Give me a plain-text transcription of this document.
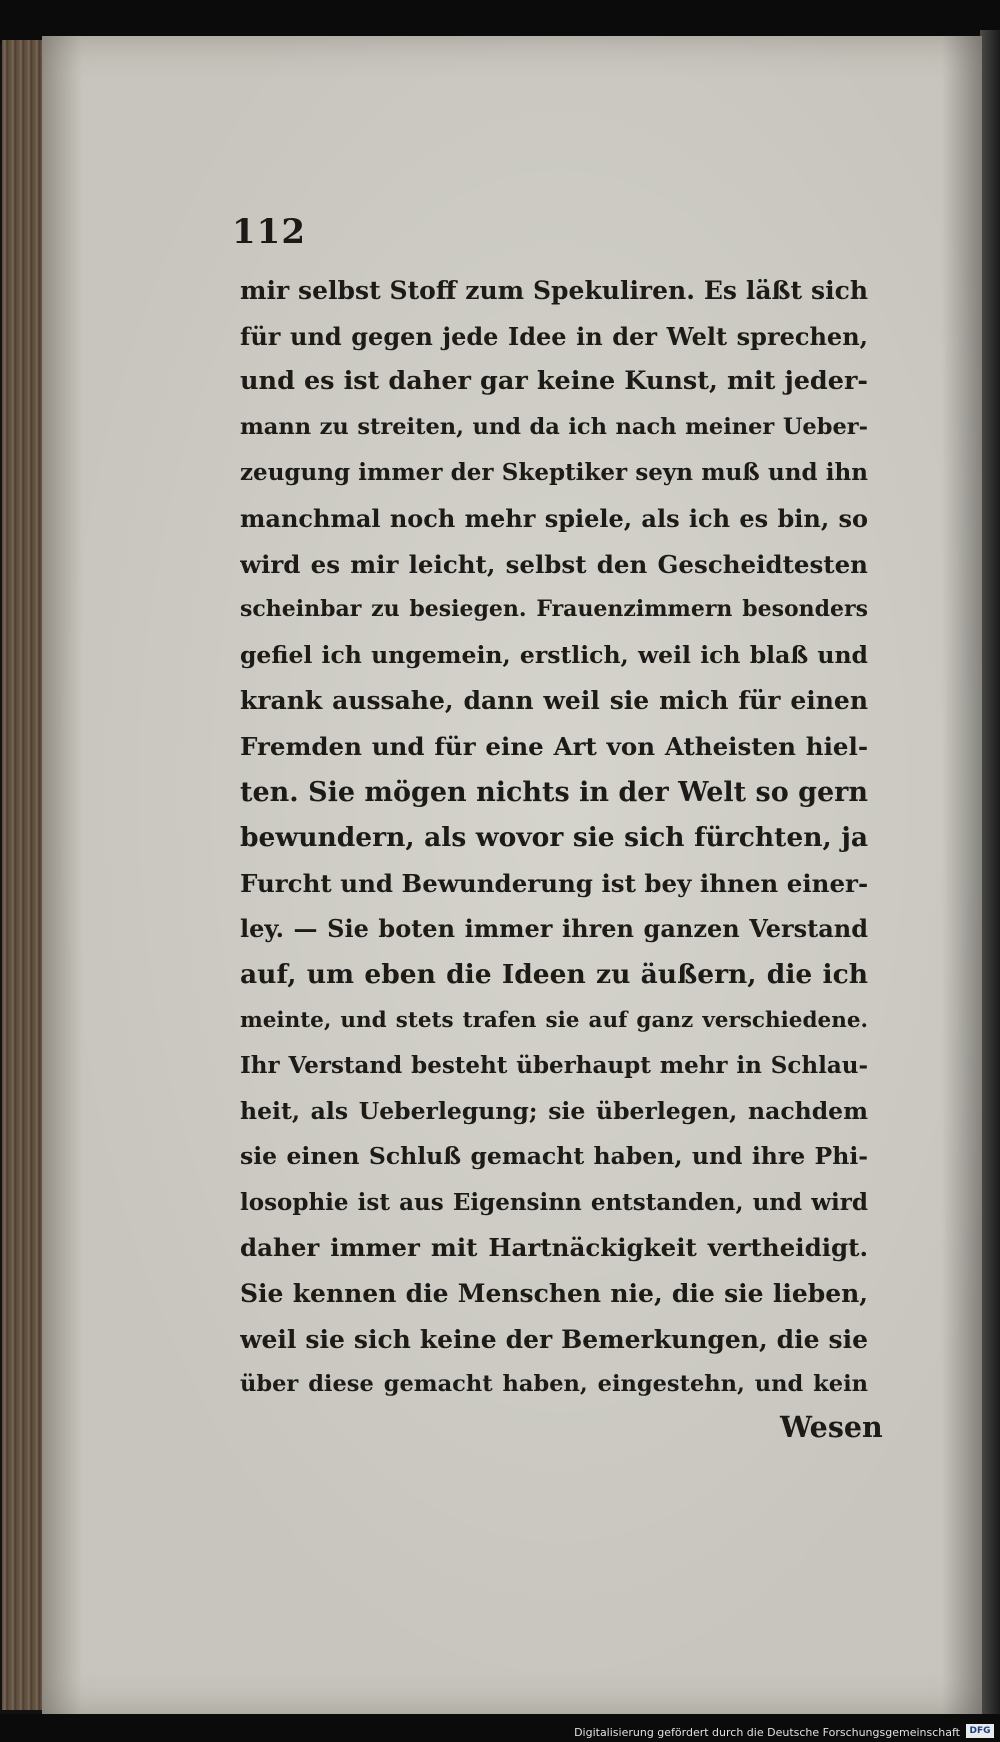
112
mir selbst Stoff zum Spekuliren. Es läßt sich
für und gegen jede Idee in der Welt sprechen,
und es ist daher gar keine Kunst, mit jeder-
mann zu streiten, und da ich nach meiner Ueber-
zeugung immer der Skeptiker seyn muß und ihn
manchmal noch mehr spiele, als ich es bin, so
wird es mir leicht, selbst den Gescheidtesten
scheinbar zu besiegen. Frauenzimmern besonders
gefiel ich ungemein, erstlich, weil ich blaß und
krank aussahe, dann weil sie mich für einen
Fremden und für eine Art von Atheisten hiel-
ten. Sie mögen nichts in der Welt so gern
bewundern, als wovor sie sich fürchten, ja
Furcht und Bewunderung ist bey ihnen einer-
ley. — Sie boten immer ihren ganzen Verstand
auf, um eben die Ideen zu äußern, die ich
meinte, und stets trafen sie auf ganz verschiedene.
Ihr Verstand besteht überhaupt mehr in Schlau-
heit, als Ueberlegung; sie überlegen, nachdem
sie einen Schluß gemacht haben, und ihre Phi-
losophie ist aus Eigensinn entstanden, und wird
daher immer mit Hartnäckigkeit vertheidigt.
Sie kennen die Menschen nie, die sie lieben,
weil sie sich keine der Bemerkungen, die sie
über diese gemacht haben, eingestehn, und kein
Wesen
Digitalisierung gefördert durch die Deutsche Forschungsgemeinschaft	DFG
